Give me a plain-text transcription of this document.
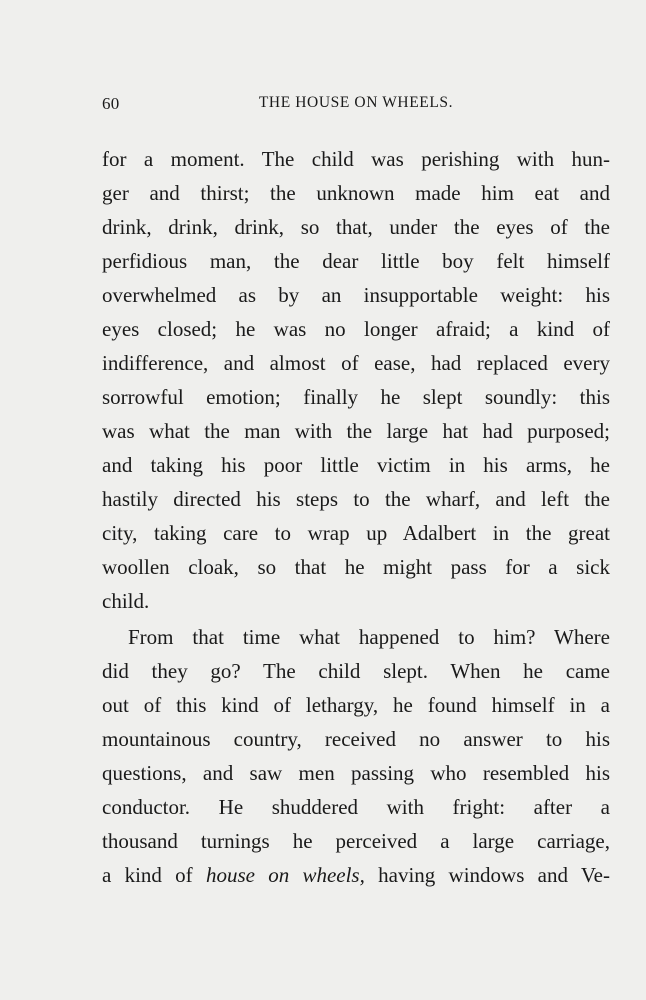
60	THE HOUSE ON WHEELS.
for a moment. The child was perishing with hun-
ger and thirst; the unknown made him eat and
drink, drink, drink, so that, under the eyes of the
perfidious man, the dear little boy felt himself
overwhelmed as by an insupportable weight: his
eyes closed; he was no longer afraid; a kind of
indifference, and almost of ease, had replaced every
sorrowful emotion; finally he slept soundly: this
was what the man with the large hat had purposed;
and taking his poor little victim in his arms, he
hastily directed his steps to the wharf, and left the
city, taking care to wrap up Adalbert in the great
woollen cloak, so that he might pass for a sick
child.
From that time what happened to him? Where
did they go? The child slept. When he came
out of this kind of lethargy, he found himself in a
mountainous country, received no answer to his
questions, and saw men passing who resembled his
conductor. He shuddered with fright: after a
thousand turnings he perceived a large carriage,
a kind of house on wheels, having windows and Ve-
